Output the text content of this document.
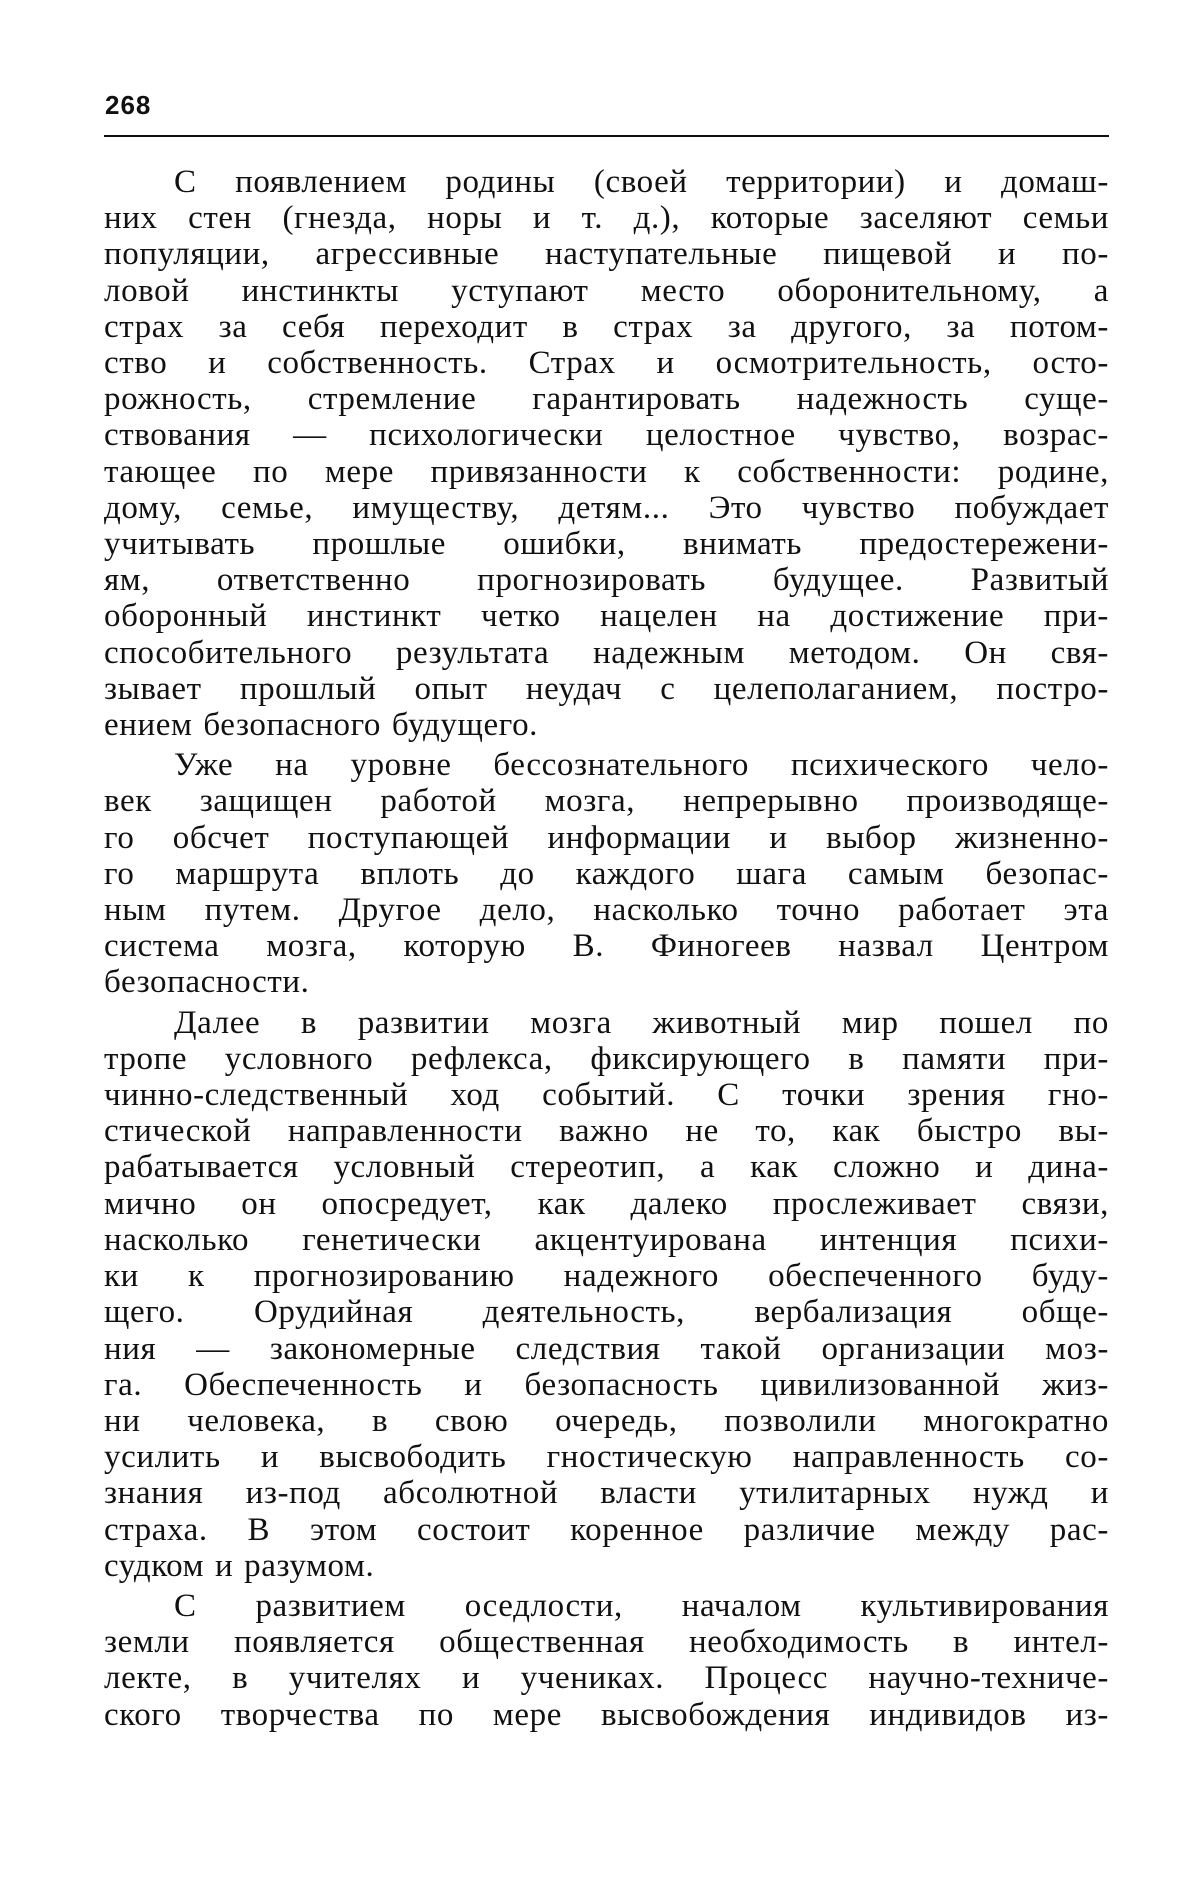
268

С появлением родины (своей территории) и домаш-
них стен (гнезда, норы и т. д.), которые заселяют семьи
популяции, агрессивные наступательные пищевой и по-
ловой инстинкты уступают место оборонительному, а
страх за себя переходит в страх за другого, за потом-
ство и собственность. Страх и осмотрительность, осто-
рожность, стремление гарантировать надежность суще-
ствования — психологически целостное чувство, возрас-
тающее по мере привязанности к собственности: родине,
дому, семье, имуществу, детям... Это чувство побуждает
учитывать прошлые ошибки, внимать предостережени-
ям, ответственно прогнозировать будущее. Развитый
оборонный инстинкт четко нацелен на достижение при-
способительного результата надежным методом. Он свя-
зывает прошлый опыт неудач с целеполаганием, постро-
ением безопасного будущего.

Уже на уровне бессознательного психического чело-
век защищен работой мозга, непрерывно производяще-
го обсчет поступающей информации и выбор жизненно-
го маршрута вплоть до каждого шага самым безопас-
ным путем. Другое дело, насколько точно работает эта
система мозга, которую В. Финогеев назвал Центром
безопасности.

Далее в развитии мозга животный мир пошел по
тропе условного рефлекса, фиксирующего в памяти при-
чинно-следственный ход событий. С точки зрения гно-
стической направленности важно не то, как быстро вы-
рабатывается условный стереотип, а как сложно и дина-
мично он опосредует, как далеко прослеживает связи,
насколько генетически акцентуирована интенция психи-
ки к прогнозированию надежного обеспеченного буду-
щего. Орудийная деятельность, вербализация обще-
ния — закономерные следствия такой организации моз-
га. Обеспеченность и безопасность цивилизованной жиз-
ни человека, в свою очередь, позволили многократно
усилить и высвободить гностическую направленность со-
знания из-под абсолютной власти утилитарных нужд и
страха. В этом состоит коренное различие между рас-
судком и разумом.

С развитием оседлости, началом культивирования
земли появляется общественная необходимость в интел-
лекте, в учителях и учениках. Процесс научно-техниче-
ского творчества по мере высвобождения индивидов из-
